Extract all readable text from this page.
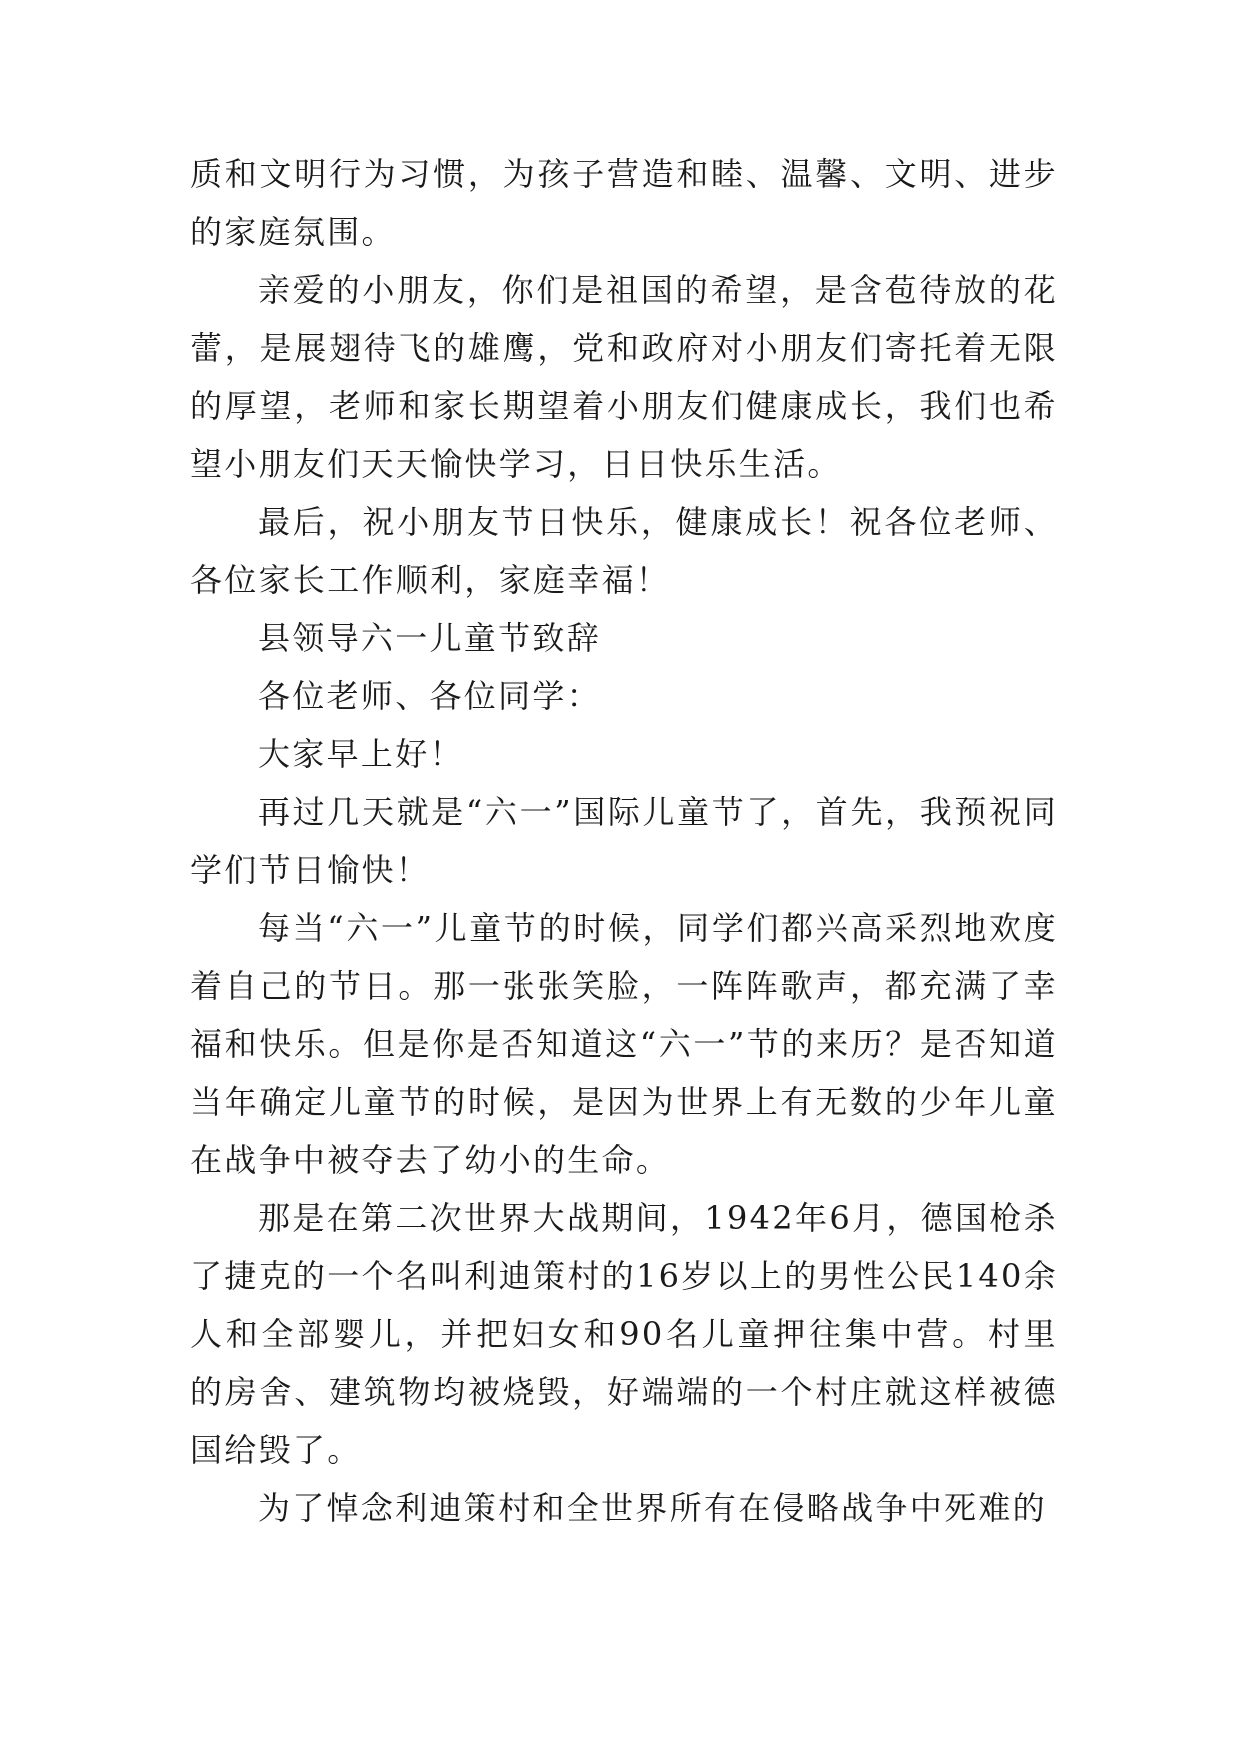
质和文明行为习惯，为孩子营造和睦、温馨、文明、进步的家庭氛围。

亲爱的小朋友，你们是祖国的希望，是含苞待放的花蕾，是展翅待飞的雄鹰，党和政府对小朋友们寄托着无限的厚望，老师和家长期望着小朋友们健康成长，我们也希望小朋友们天天愉快学习，日日快乐生活。

最后，祝小朋友节日快乐，健康成长！祝各位老师、各位家长工作顺利，家庭幸福！

县领导六一儿童节致辞

各位老师、各位同学：

大家早上好！

再过几天就是“六一”国际儿童节了，首先，我预祝同学们节日愉快！

每当“六一”儿童节的时候，同学们都兴高采烈地欢度着自己的节日。那一张张笑脸，一阵阵歌声，都充满了幸福和快乐。但是你是否知道这“六一”节的来历？是否知道当年确定儿童节的时候，是因为世界上有无数的少年儿童在战争中被夺去了幼小的生命。

那是在第二次世界大战期间，1942年6月，德国枪杀了捷克的一个名叫利迪策村的16岁以上的男性公民140余人和全部婴儿，并把妇女和90名儿童押往集中营。村里的房舍、建筑物均被烧毁，好端端的一个村庄就这样被德国给毁了。

为了悼念利迪策村和全世界所有在侵略战争中死难的
